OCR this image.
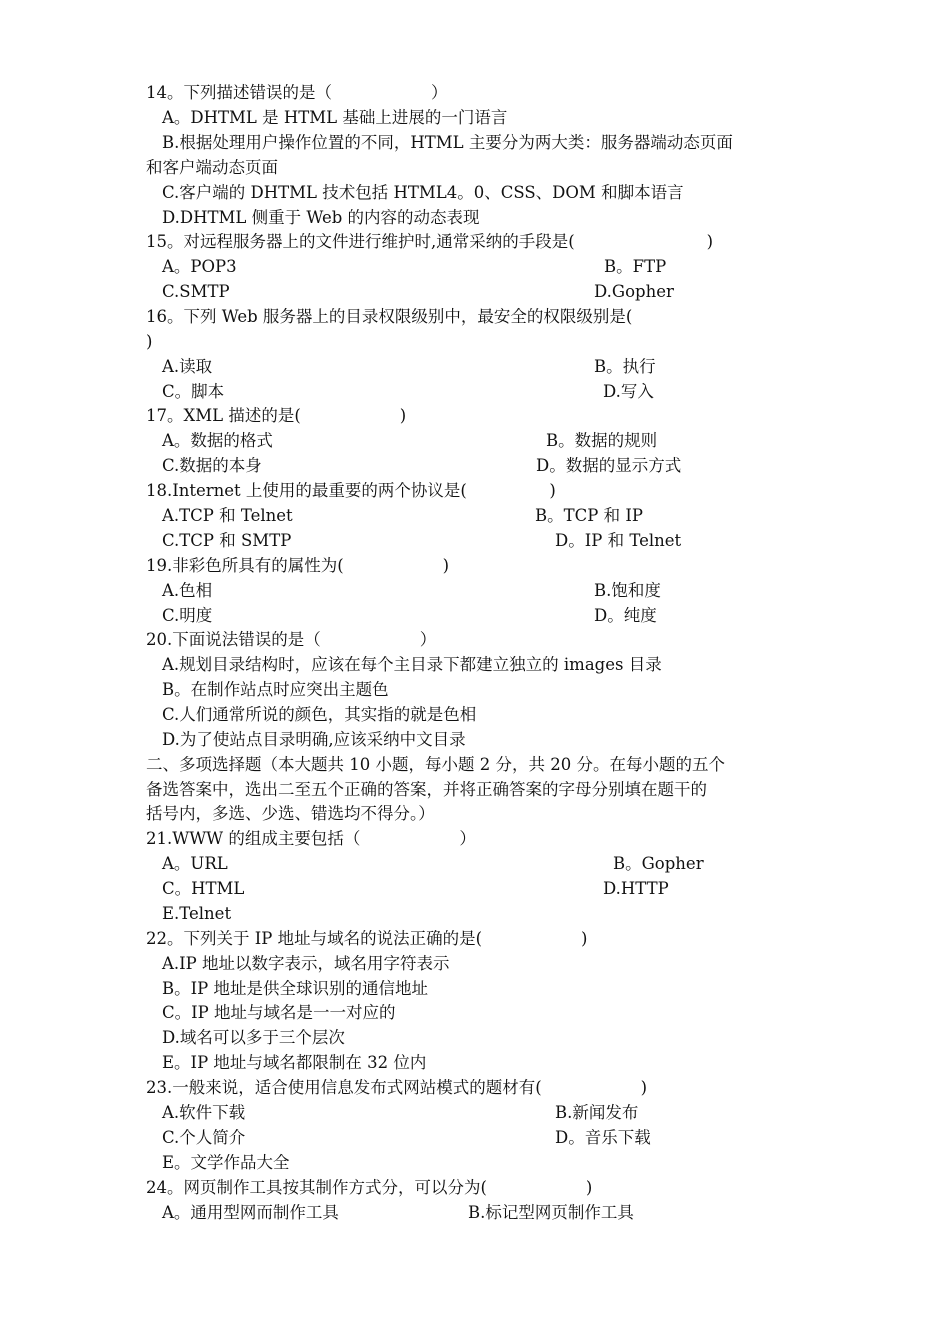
14。下列描述错误的是（　　　　　　）
A。DHTML 是 HTML 基础上进展的一门语言
B.根据处理用户操作位置的不同，HTML 主要分为两大类：服务器端动态页面
和客户端动态页面
C.客户端的 DHTML 技术包括 HTML4。0、CSS、DOM 和脚本语言
D.DHTML 侧重于 Web 的内容的动态表现
15。对远程服务器上的文件进行维护时,通常采纳的手段是(　　　　　　　　)
A。POP3	B。FTP
C.SMTP	D.Gopher
16。下列 Web 服务器上的目录权限级别中，最安全的权限级别是(
)
A.读取	B。执行
C。脚本	D.写入
17。XML 描述的是(　　　　　　)
A。数据的格式	B。数据的规则
C.数据的本身	D。数据的显示方式
18.Internet 上使用的最重要的两个协议是(　　　　　)
A.TCP 和 Telnet	B。TCP 和 IP
C.TCP 和 SMTP	D。IP 和 Telnet
19.非彩色所具有的属性为(　　　　　　)
A.色相	B.饱和度
C.明度	D。纯度
20.下面说法错误的是（　　　　　　）
A.规划目录结构时，应该在每个主目录下都建立独立的 images 目录
B。在制作站点时应突出主题色
C.人们通常所说的颜色，其实指的就是色相
D.为了使站点目录明确,应该采纳中文目录
二、多项选择题（本大题共 10 小题，每小题 2 分，共 20 分。在每小题的五个
备选答案中，选出二至五个正确的答案，并将正确答案的字母分别填在题干的
括号内，多选、少选、错选均不得分。）
21.WWW 的组成主要包括（　　　　　　）
A。URL	B。Gopher
C。HTML	D.HTTP
E.Telnet
22。下列关于 IP 地址与域名的说法正确的是(　　　　　　)
A.IP 地址以数字表示，域名用字符表示
B。IP 地址是供全球识别的通信地址
C。IP 地址与域名是一一对应的
D.域名可以多于三个层次
E。IP 地址与域名都限制在 32 位内
23.一般来说，适合使用信息发布式网站模式的题材有(　　　　　　)
A.软件下载	B.新闻发布
C.个人简介	D。音乐下载
E。文学作品大全
24。网页制作工具按其制作方式分，可以分为(　　　　　　)
A。通用型网而制作工具	B.标记型网页制作工具
